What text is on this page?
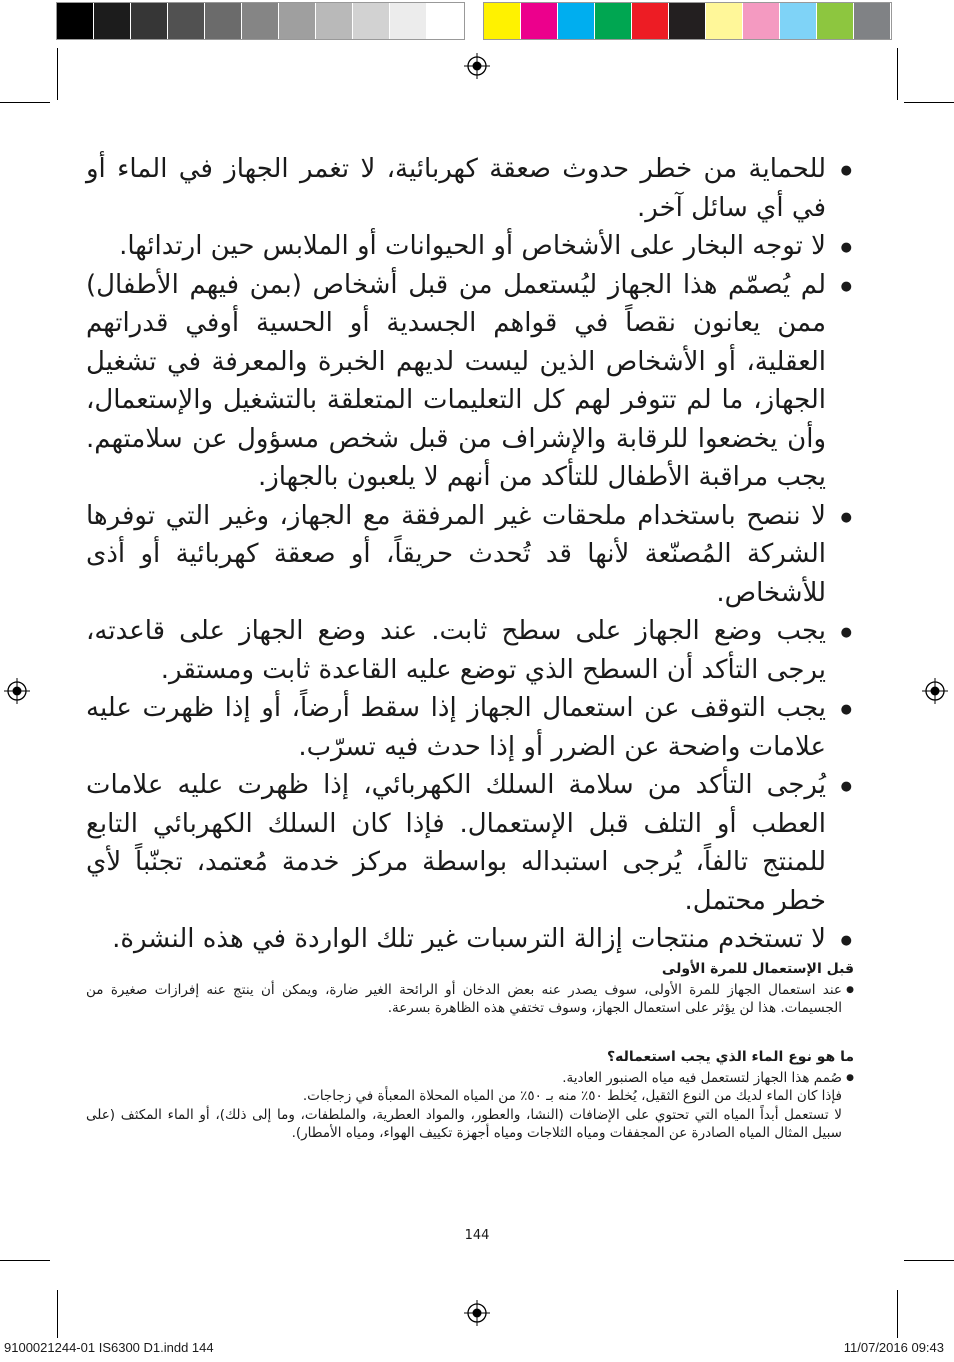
● للحماية من خطر حدوث صعقة كهربائية، لا تغمر الجهاز في الماء أو في أي سائل آخر.
● لا توجه البخار على الأشخاص أو الحيوانات أو الملابس حين ارتدائها.
● لم يُصمّم هذا الجهاز ليُستعمل من قبل أشخاص (بمن فيهم الأطفال) ممن يعانون نقصاً في قواهم الجسدية أو الحسية أوفي قدراتهم العقلية، أو الأشخاص الذين ليست لديهم الخبرة والمعرفة في تشغيل الجهاز، ما لم تتوفر لهم كل التعليمات المتعلقة بالتشغيل والإستعمال، وأن يخضعوا للرقابة والإشراف من قبل شخص مسؤول عن سلامتهم. يجب مراقبة الأطفال للتأكد من أنهم لا يلعبون بالجهاز.
● لا ننصح باستخدام ملحقات غير المرفقة مع الجهاز، وغير التي توفرها الشركة المُصنّعة لأنها قد تُحدث حريقاً، أو صعقة كهربائية أو أذى للأشخاص.
● يجب وضع الجهاز على سطح ثابت. عند وضع الجهاز على قاعدته، يرجى التأكد أن السطح الذي توضع عليه القاعدة ثابت ومستقر.
● يجب التوقف عن استعمال الجهاز إذا سقط أرضاً، أو إذا ظهرت عليه علامات واضحة عن الضرر أو إذا حدث فيه تسرّب.
● يُرجى التأكد من سلامة السلك الكهربائي، إذا ظهرت عليه علامات العطب أو التلف قبل الإستعمال. فإذا كان السلك الكهربائي التابع للمنتج تالفاً، يُرجى استبداله بواسطة مركز خدمة مُعتمد، تجنّباً لأي خطر محتمل.
● لا تستخدم منتجات إزالة الترسبات غير تلك الواردة في هذه النشرة.
قبل الإستعمال للمرة الأولى

● عند استعمال الجهاز للمرة الأولى، سوف يصدر عنه بعض الدخان أو الرائحة الغير ضارة، ويمكن أن ينتج عنه إفرازات صغيرة من الجسيمات. هذا لن يؤثر على استعمال الجهاز، وسوف تختفي هذه الظاهرة بسرعة.

ما هو نوع الماء الذي يجب استعماله؟

● صُمم هذا الجهاز لتستعمل فيه مياه الصنبور العادية.

فإذا كان الماء لديك من النوع الثقيل، يُخلط ٥٠٪ منه بـ ٥٠٪ من المياه المحلاة المعبأة في زجاجات.

لا تستعمل أبداً المياه التي تحتوي على الإضافات (النشا، والعطور، والمواد العطرية، والملطفات، وما إلى ذلك)، أو الماء المكثف (على سبيل المثال المياه الصادرة عن المجففات ومياه الثلاجات ومياه أجهزة تكييف الهواء، ومياه الأمطار).

144
9100021244-01 IS6300 D1.indd 144	11/07/2016 09:43
